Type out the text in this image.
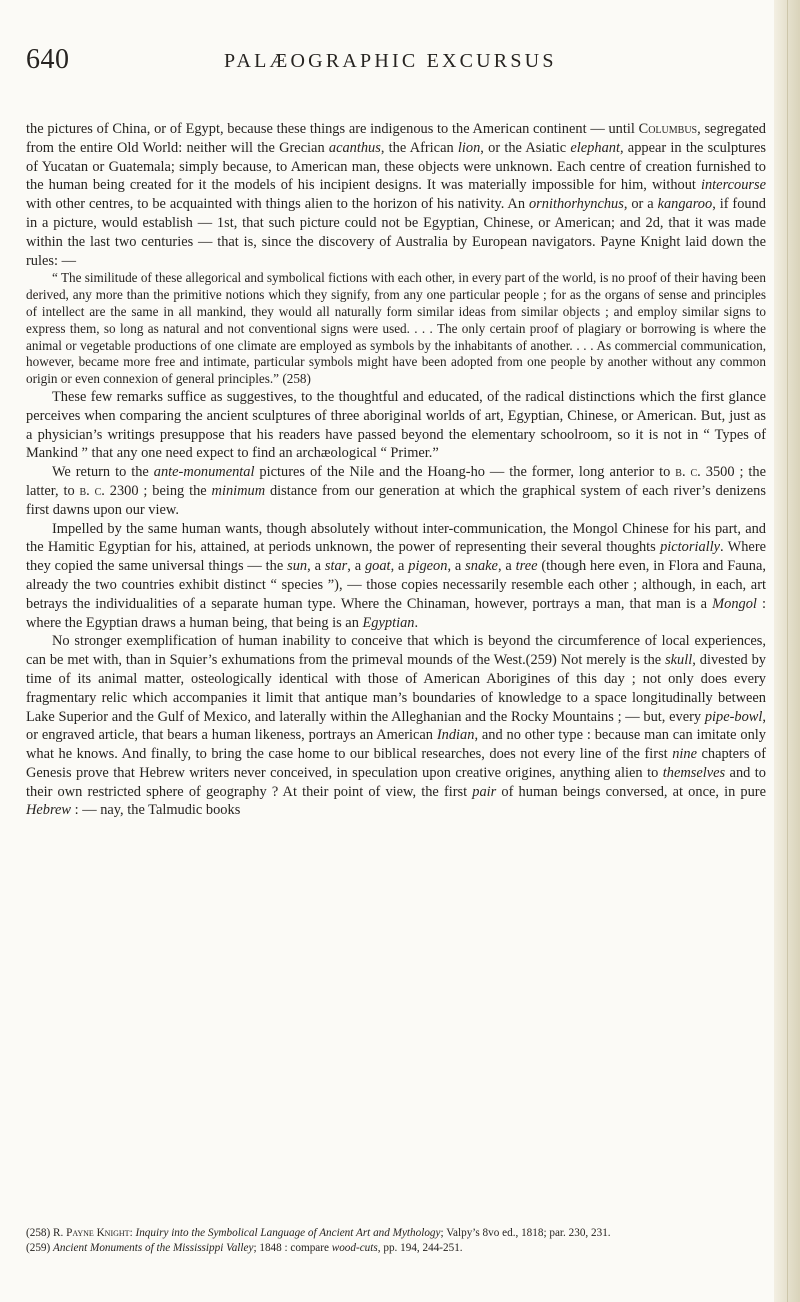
640	PALÆOGRAPHIC EXCURSUS

the pictures of China, or of Egypt, because these things are indigenous to the American continent — until Columbus, segregated from the entire Old World: neither will the Grecian acanthus, the African lion, or the Asiatic elephant, appear in the sculptures of Yucatan or Guatemala; simply because, to American man, these objects were unknown. Each centre of creation furnished to the human being created for it the models of his incipient designs. It was materially impossible for him, without intercourse with other centres, to be acquainted with things alien to the horizon of his nativity. An ornithorhynchus, or a kangaroo, if found in a picture, would establish — 1st, that such picture could not be Egyptian, Chinese, or American; and 2d, that it was made within the last two centuries — that is, since the discovery of Australia by European navigators. Payne Knight laid down the rules: —

“ The similitude of these allegorical and symbolical fictions with each other, in every part of the world, is no proof of their having been derived, any more than the primitive notions which they signify, from any one particular people ; for as the organs of sense and principles of intellect are the same in all mankind, they would all naturally form similar ideas from similar objects ; and employ similar signs to express them, so long as natural and not conventional signs were used. . . . The only certain proof of plagiary or borrowing is where the animal or vegetable productions of one climate are employed as symbols by the inhabitants of another. . . . As commercial communication, however, became more free and intimate, particular symbols might have been adopted from one people by another without any common origin or even connexion of general principles.” (258)

These few remarks suffice as suggestives, to the thoughtful and educated, of the radical distinctions which the first glance perceives when comparing the ancient sculptures of three aboriginal worlds of art, Egyptian, Chinese, or American. But, just as a physician’s writings presuppose that his readers have passed beyond the elementary schoolroom, so it is not in “ Types of Mankind ” that any one need expect to find an archæological “ Primer.”

We return to the ante-monumental pictures of the Nile and the Hoang-ho — the former, long anterior to b. c. 3500 ; the latter, to b. c. 2300 ; being the minimum distance from our generation at which the graphical system of each river’s denizens first dawns upon our view.

Impelled by the same human wants, though absolutely without inter-communication, the Mongol Chinese for his part, and the Hamitic Egyptian for his, attained, at periods unknown, the power of representing their several thoughts pictorially. Where they copied the same universal things — the sun, a star, a goat, a pigeon, a snake, a tree (though here even, in Flora and Fauna, already the two countries exhibit distinct “ species ”), — those copies necessarily resemble each other ; although, in each, art betrays the individualities of a separate human type. Where the Chinaman, however, portrays a man, that man is a Mongol : where the Egyptian draws a human being, that being is an Egyptian.

No stronger exemplification of human inability to conceive that which is beyond the circumference of local experiences, can be met with, than in Squier’s exhumations from the primeval mounds of the West.(259) Not merely is the skull, divested by time of its animal matter, osteologically identical with those of American Aborigines of this day ; not only does every fragmentary relic which accompanies it limit that antique man’s boundaries of knowledge to a space longitudinally between Lake Superior and the Gulf of Mexico, and laterally within the Alleghanian and the Rocky Mountains ; — but, every pipe-bowl, or engraved article, that bears a human likeness, portrays an American Indian, and no other type : because man can imitate only what he knows. And finally, to bring the case home to our biblical researches, does not every line of the first nine chapters of Genesis prove that Hebrew writers never conceived, in speculation upon creative origines, anything alien to themselves and to their own restricted sphere of geography ? At their point of view, the first pair of human beings conversed, at once, in pure Hebrew : — nay, the Talmudic books

(258) R. Payne Knight: Inquiry into the Symbolical Language of Ancient Art and Mythology; Valpy’s 8vo ed., 1818; par. 230, 231.
(259) Ancient Monuments of the Mississippi Valley; 1848 : compare wood-cuts, pp. 194, 244-251.
